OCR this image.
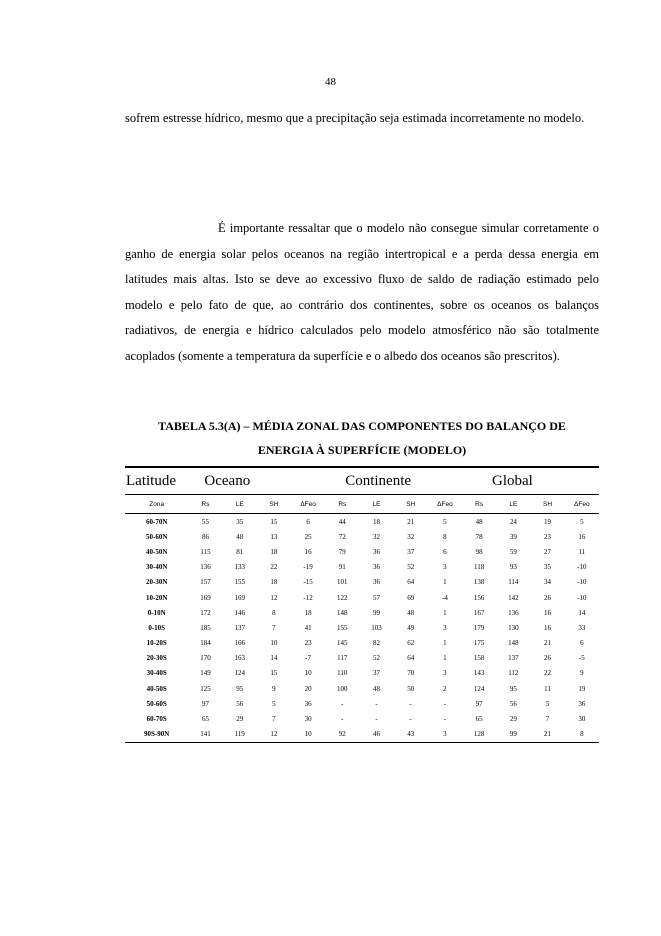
48

sofrem estresse hídrico, mesmo que a precipitação seja estimada incorretamente no modelo.

É importante ressaltar que o modelo não consegue simular corretamente o ganho de energia solar pelos oceanos na região intertropical e a perda dessa energia em latitudes mais altas. Isto se deve ao excessivo fluxo de saldo de radiação estimado pelo modelo e pelo fato de que, ao contrário dos continentes, sobre os oceanos os balanços radiativos, de energia e hídrico calculados pelo modelo atmosférico não são totalmente acoplados (somente a temperatura da superfície e o albedo dos oceanos são prescritos).

TABELA 5.3(A) – MÉDIA ZONAL DAS COMPONENTES DO BALANÇO DE
ENERGIA À SUPERFÍCIE (MODELO)
Latitude	Oceano				Continente				Global			
Zona	Rs	LE	SH	ΔFeo	Rs	LE	SH	ΔFeo	Rs	LE	SH	ΔFeo
60-70N	55	35	15	6	44	18	21	5	48	24	19	5
50-60N	86	48	13	25	72	32	32	8	78	39	23	16
40-50N	115	81	18	16	79	36	37	6	98	59	27	11
30-40N	136	133	22	-19	91	36	52	3	118	93	35	-10
20-30N	157	155	18	-15	101	36	64	1	138	114	34	-10
10-20N	169	169	12	-12	122	57	69	-4	156	142	26	-10
0-10N	172	146	8	18	148	99	48	1	167	136	16	14
0-10S	185	137	7	41	155	103	49	3	179	130	16	33
10-20S	184	166	10	23	145	82	62	1	175	148	21	6
20-30S	170	163	14	-7	117	52	64	1	158	137	26	-5
30-40S	149	124	15	10	110	37	70	3	143	112	22	9
40-50S	125	95	9	20	100	48	50	2	124	95	11	19
50-60S	97	56	5	36	-	-	-	-	97	56	5	36
60-70S	65	29	7	30	-	-	-	-	65	29	7	30
90S-90N	141	119	12	10	92	46	43	3	128	99	21	8
